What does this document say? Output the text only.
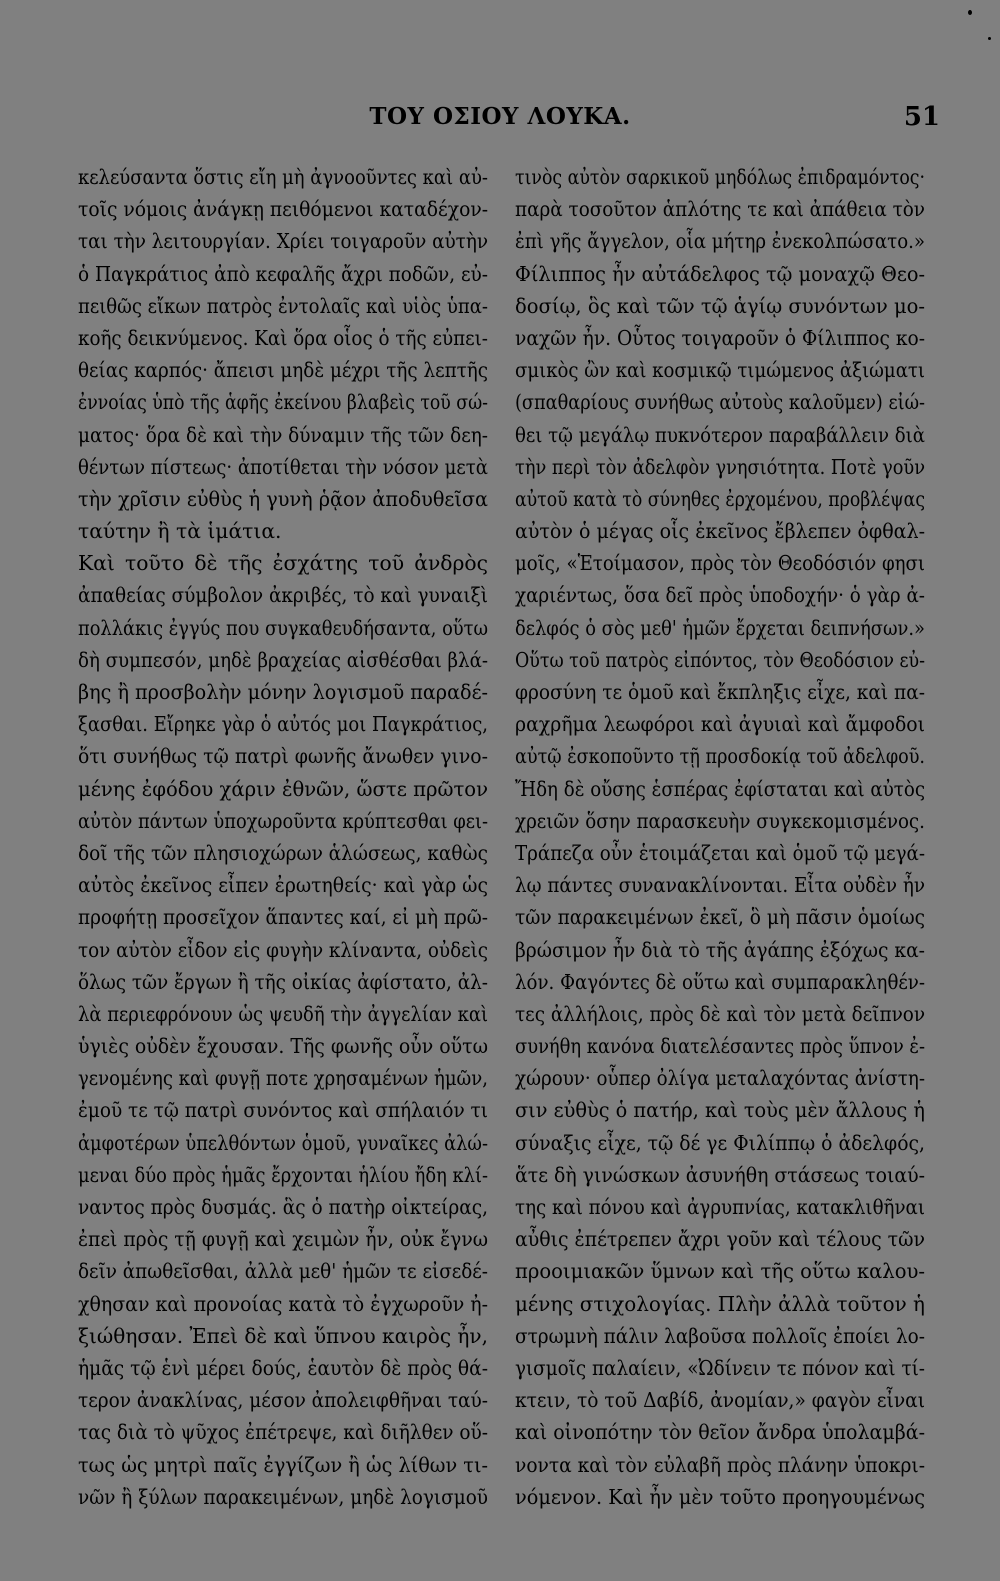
ΤΟΥ ΟΣΙΟΥ ΛΟΥΚΑ.	51
κελεύσαντα ὅστις εἴη μὴ ἀγνοοῦντες καὶ αὐ-
τοῖς νόμοις ἀνάγκῃ πειθόμενοι καταδέχον-
ται τὴν λειτουργίαν. Χρίει τοιγαροῦν αὐτὴν
ὁ Παγκράτιος ἀπὸ κεφαλῆς ἄχρι ποδῶν, εὐ-
πειθῶς εἴκων πατρὸς ἐντολαῖς καὶ υἱὸς ὑπα-
κοῆς δεικνύμενος. Καὶ ὅρα οἷος ὁ τῆς εὐπει-
θείας καρπός· ἄπεισι μηδὲ μέχρι τῆς λεπτῆς
ἐννοίας ὑπὸ τῆς ἁφῆς ἐκείνου βλαβεὶς τοῦ σώ-
ματος· ὅρα δὲ καὶ τὴν δύναμιν τῆς τῶν δεη-
θέντων πίστεως· ἀποτίθεται τὴν νόσον μετὰ
τὴν χρῖσιν εὐθὺς ἡ γυνὴ ῥᾷον ἀποδυθεῖσα
ταύτην ἢ τὰ ἱμάτια.
Καὶ τοῦτο δὲ τῆς ἐσχάτης τοῦ ἀνδρὸς
ἀπαθείας σύμβολον ἀκριβές, τὸ καὶ γυναιξὶ
πολλάκις ἐγγύς που συγκαθευδήσαντα, οὕτω
δὴ συμπεσόν, μηδὲ βραχείας αἰσθέσθαι βλά-
βης ἢ προσβολὴν μόνην λογισμοῦ παραδέ-
ξασθαι. Εἴρηκε γὰρ ὁ αὐτός μοι Παγκράτιος,
ὅτι συνήθως τῷ πατρὶ φωνῆς ἄνωθεν γινο-
μένης ἐφόδου χάριν ἐθνῶν, ὥστε πρῶτον
αὐτὸν πάντων ὑποχωροῦντα κρύπτεσθαι φει-
δοῖ τῆς τῶν πλησιοχώρων ἁλώσεως, καθὼς
αὐτὸς ἐκεῖνος εἶπεν ἐρωτηθείς· καὶ γὰρ ὡς
προφήτῃ προσεῖχον ἅπαντες καί, εἰ μὴ πρῶ-
τον αὐτὸν εἶδον εἰς φυγὴν κλίναντα, οὐδεὶς
ὅλως τῶν ἔργων ἢ τῆς οἰκίας ἀφίστατο, ἀλ-
λὰ περιεφρόνουν ὡς ψευδῆ τὴν ἀγγελίαν καὶ
ὑγιὲς οὐδὲν ἔχουσαν. Τῆς φωνῆς οὖν οὕτω
γενομένης καὶ φυγῇ ποτε χρησαμένων ἡμῶν,
ἐμοῦ τε τῷ πατρὶ συνόντος καὶ σπήλαιόν τι
ἀμφοτέρων ὑπελθόντων ὁμοῦ, γυναῖκες ἀλώ-
μεναι δύο πρὸς ἡμᾶς ἔρχονται ἡλίου ἤδη κλί-
ναντος πρὸς δυσμάς. ἃς ὁ πατὴρ οἰκτείρας,
ἐπεὶ πρὸς τῇ φυγῇ καὶ χειμὼν ἦν, οὐκ ἔγνω
δεῖν ἀπωθεῖσθαι, ἀλλὰ μεθ' ἡμῶν τε εἰσεδέ-
χθησαν καὶ προνοίας κατὰ τὸ ἐγχωροῦν ἠ-
ξιώθησαν. Ἐπεὶ δὲ καὶ ὕπνου καιρὸς ἦν,
ἡμᾶς τῷ ἑνὶ μέρει δούς, ἑαυτὸν δὲ πρὸς θά-
τερον ἀνακλίνας, μέσον ἀπολειφθῆναι ταύ-
τας διὰ τὸ ψῦχος ἐπέτρεψε, καὶ διῆλθεν οὕ-
τως ὡς μητρὶ παῖς ἐγγίζων ἢ ὡς λίθων τι-
νῶν ἢ ξύλων παρακειμένων, μηδὲ λογισμοῦ
τινὸς αὐτὸν σαρκικοῦ μηδόλως ἐπιδραμόντος·
παρὰ τοσοῦτον ἁπλότης τε καὶ ἀπάθεια τὸν
ἐπὶ γῆς ἄγγελον, οἷα μήτηρ ἐνεκολπώσατο.»
Φίλιππος ἦν αὐτάδελφος τῷ μοναχῷ Θεο-
δοσίῳ, ὃς καὶ τῶν τῷ ἁγίῳ συνόντων μο-
ναχῶν ἦν. Οὗτος τοιγαροῦν ὁ Φίλιππος κο-
σμικὸς ὢν καὶ κοσμικῷ τιμώμενος ἀξιώματι
(σπαθαρίους συνήθως αὐτοὺς καλοῦμεν) εἰώ-
θει τῷ μεγάλῳ πυκνότερον παραβάλλειν διὰ
τὴν περὶ τὸν ἀδελφὸν γνησιότητα. Ποτὲ γοῦν
αὐτοῦ κατὰ τὸ σύνηθες ἐρχομένου, προβλέψας
αὐτὸν ὁ μέγας οἷς ἐκεῖνος ἔβλεπεν ὀφθαλ-
μοῖς, «Ἑτοίμασον, πρὸς τὸν Θεοδόσιόν φησι
χαριέντως, ὅσα δεῖ πρὸς ὑποδοχήν· ὁ γὰρ ἀ-
δελφός ὁ σὸς μεθ' ἡμῶν ἔρχεται δειπνήσων.»
Οὕτω τοῦ πατρὸς εἰπόντος, τὸν Θεοδόσιον εὐ-
φροσύνη τε ὁμοῦ καὶ ἔκπληξις εἶχε, καὶ πα-
ραχρῆμα λεωφόροι καὶ ἀγυιαὶ καὶ ἄμφοδοι
αὐτῷ ἐσκοποῦντο τῇ προσδοκίᾳ τοῦ ἀδελφοῦ.
Ἤδη δὲ οὔσης ἑσπέρας ἐφίσταται καὶ αὐτὸς
χρειῶν ὅσην παρασκευὴν συγκεκομισμένος.
Τράπεζα οὖν ἑτοιμάζεται καὶ ὁμοῦ τῷ μεγά-
λῳ πάντες συνανακλίνονται. Εἶτα οὐδὲν ἦν
τῶν παρακειμένων ἐκεῖ, ὃ μὴ πᾶσιν ὁμοίως
βρώσιμον ἦν διὰ τὸ τῆς ἀγάπης ἐξόχως κα-
λόν. Φαγόντες δὲ οὕτω καὶ συμπαρακληθέν-
τες ἀλλήλοις, πρὸς δὲ καὶ τὸν μετὰ δεῖπνον
συνήθη κανόνα διατελέσαντες πρὸς ὕπνον ἐ-
χώρουν· οὗπερ ὀλίγα μεταλαχόντας ἀνίστη-
σιν εὐθὺς ὁ πατήρ, καὶ τοὺς μὲν ἄλλους ἡ
σύναξις εἶχε, τῷ δέ γε Φιλίππῳ ὁ ἀδελφός,
ἅτε δὴ γινώσκων ἀσυνήθη στάσεως τοιαύ-
της καὶ πόνου καὶ ἀγρυπνίας, κατακλιθῆναι
αὖθις ἐπέτρεπεν ἄχρι γοῦν καὶ τέλους τῶν
προοιμιακῶν ὕμνων καὶ τῆς οὕτω καλου-
μένης στιχολογίας. Πλὴν ἀλλὰ τοῦτον ἡ
στρωμνὴ πάλιν λαβοῦσα πολλοῖς ἐποίει λο-
γισμοῖς παλαίειν, «Ὠδίνειν τε πόνον καὶ τί-
κτειν, τὸ τοῦ Δαβίδ, ἀνομίαν,» φαγὸν εἶναι
καὶ οἰνοπότην τὸν θεῖον ἄνδρα ὑπολαμβά-
νοντα καὶ τὸν εὐλαβῆ πρὸς πλάνην ὑποκρι-
νόμενον. Καὶ ἦν μὲν τοῦτο προηγουμένως
